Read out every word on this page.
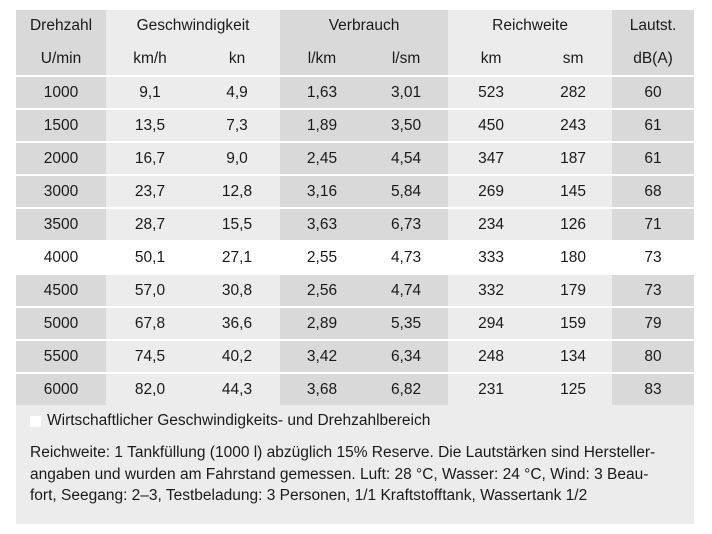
Drehzahl	Geschwindigkeit		Verbrauch		Reichweite		Lautst.
U/min	km/h	kn	l/km	l/sm	km	sm	dB(A)
1000	9,1	4,9	1,63	3,01	523	282	60
1500	13,5	7,3	1,89	3,50	450	243	61
2000	16,7	9,0	2,45	4,54	347	187	61
3000	23,7	12,8	3,16	5,84	269	145	68
3500	28,7	15,5	3,63	6,73	234	126	71
4000	50,1	27,1	2,55	4,73	333	180	73
4500	57,0	30,8	2,56	4,74	332	179	73
5000	67,8	36,6	2,89	5,35	294	159	79
5500	74,5	40,2	3,42	6,34	248	134	80
6000	82,0	44,3	3,68	6,82	231	125	83
Wirtschaftlicher Geschwindigkeits- und Drehzahlbereich
Reichweite: 1 Tankfüllung (1000 l) abzüglich 15% Reserve. Die Lautstärken sind Hersteller-
angaben und wurden am Fahrstand gemessen. Luft: 28 °C, Wasser: 24 °C, Wind: 3 Beau-
fort, Seegang: 2–3, Testbeladung: 3 Personen, 1/1 Kraftstofftank, Wassertank 1/2
